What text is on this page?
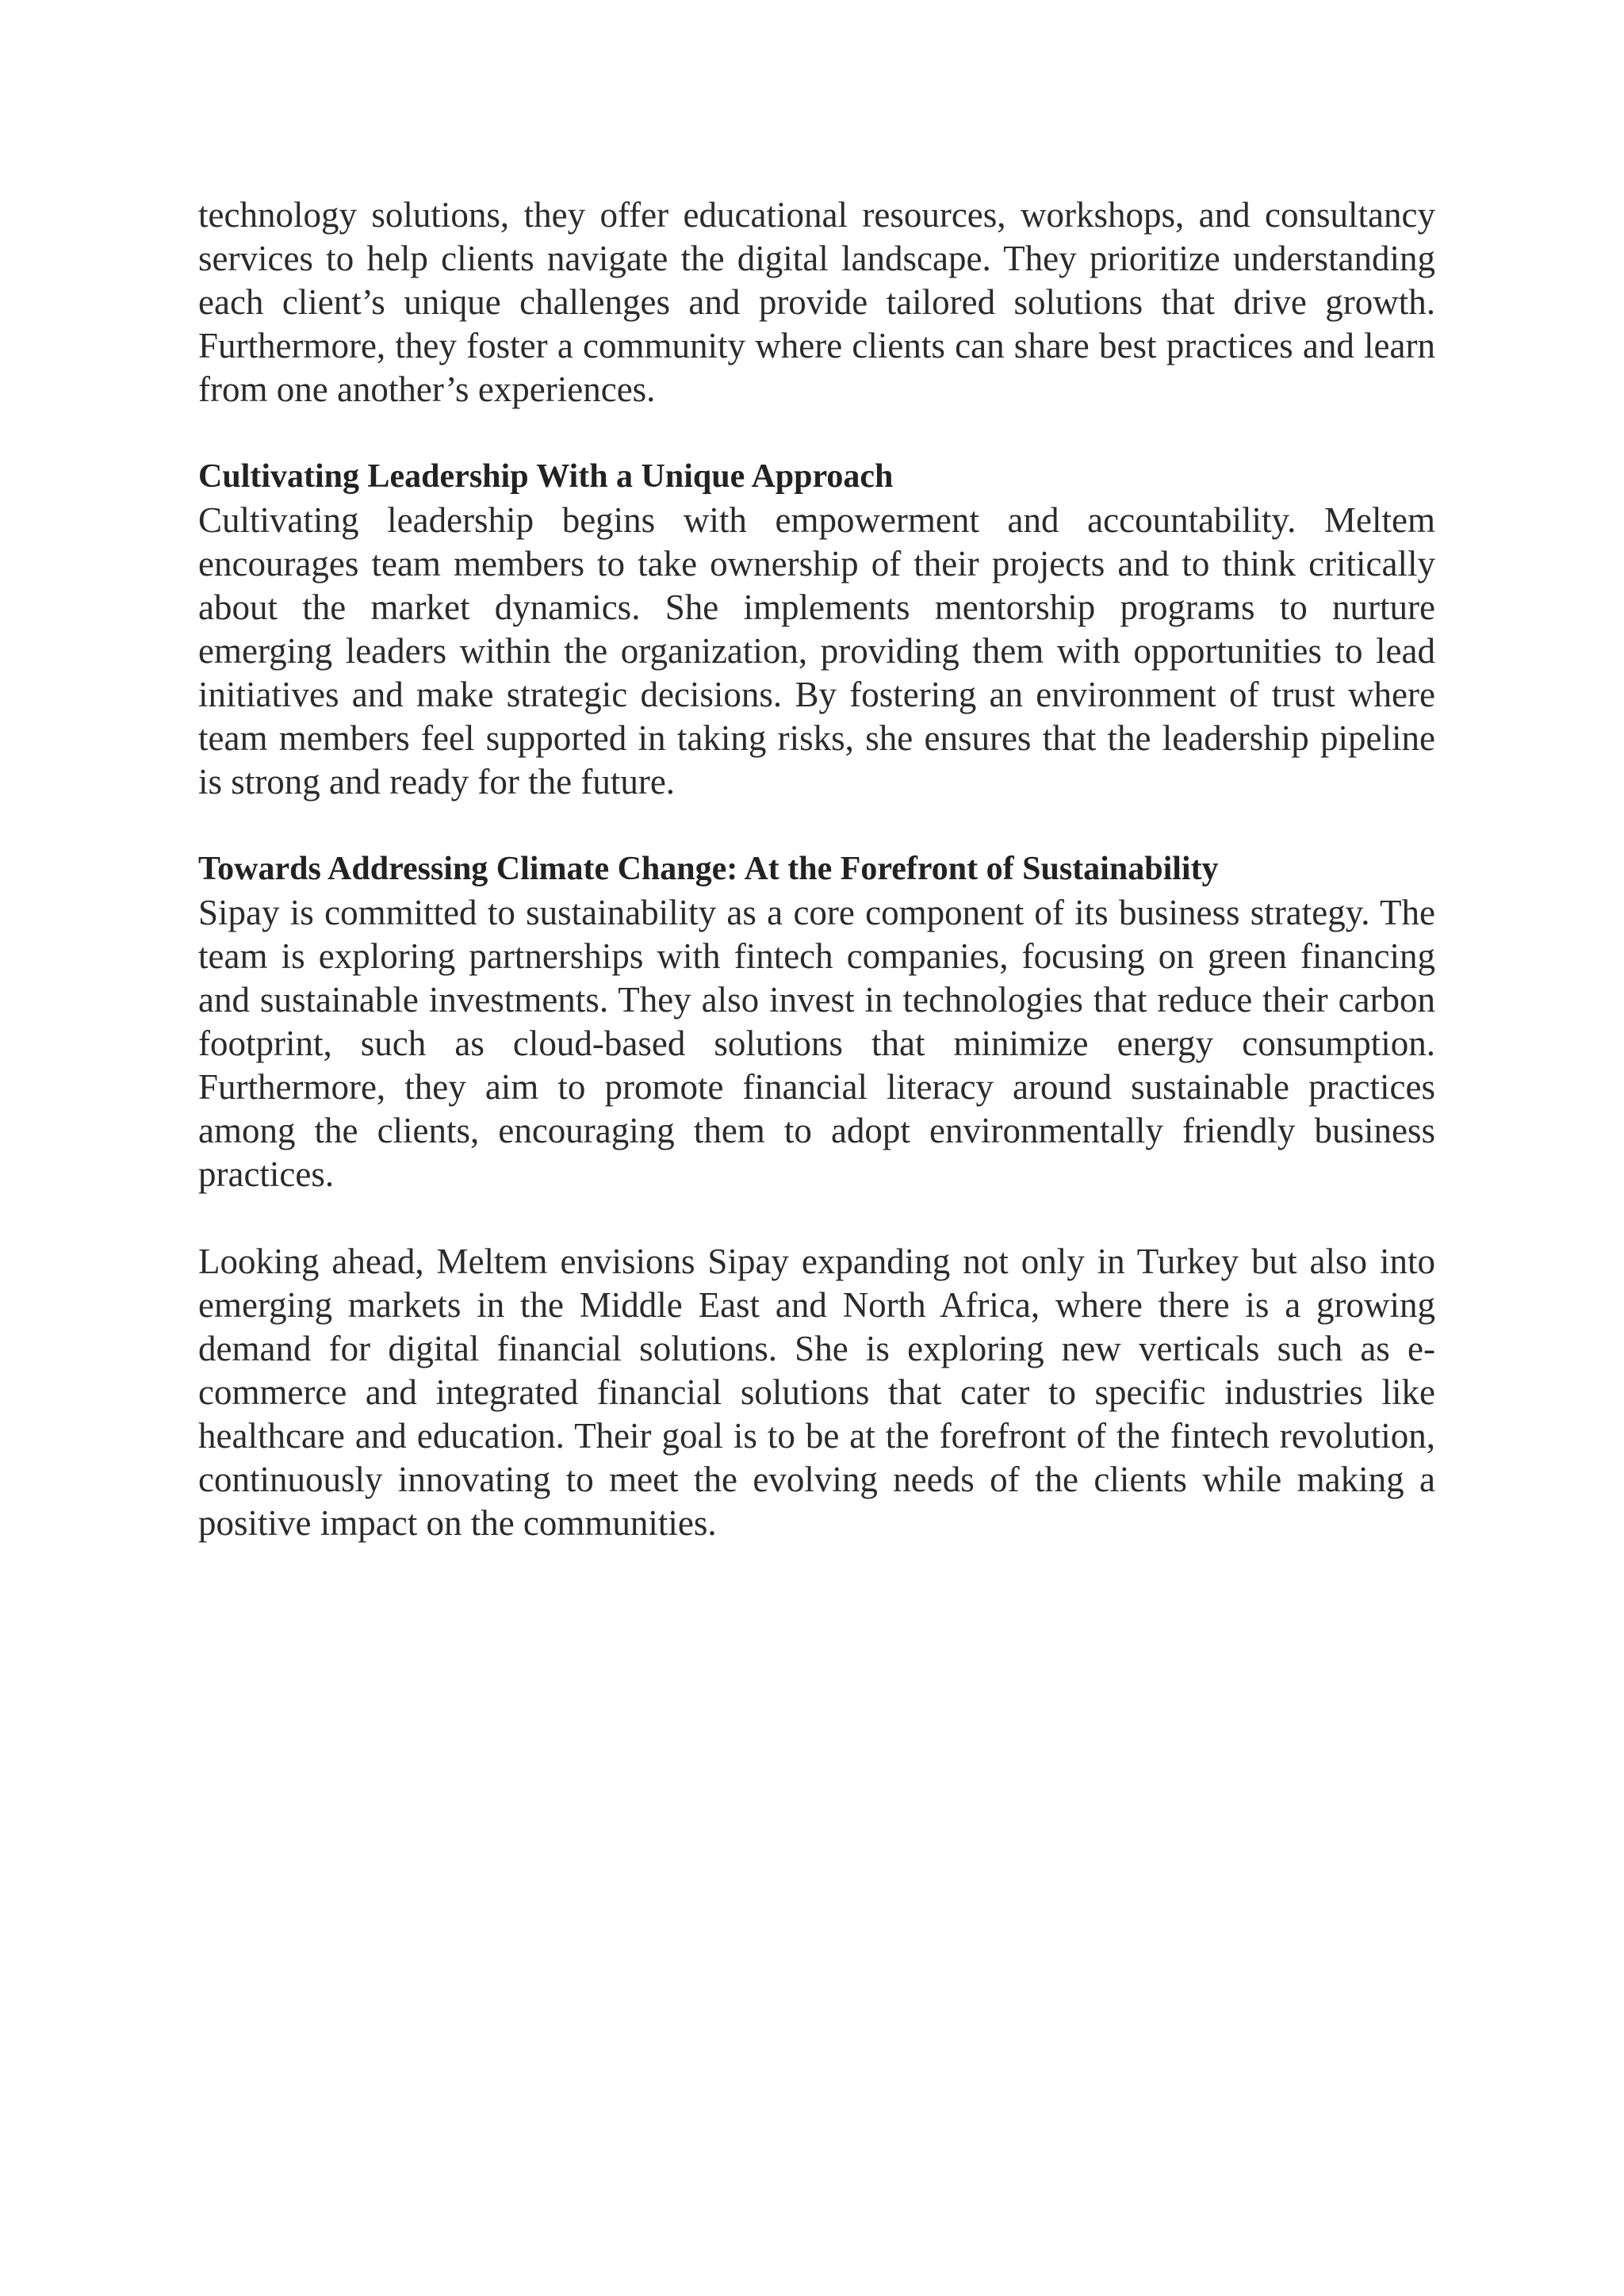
technology solutions, they offer educational resources, workshops, and consultancy services to help clients navigate the digital landscape. They prioritize understanding each client’s unique challenges and provide tailored solutions that drive growth. Furthermore, they foster a community where clients can share best practices and learn from one another’s experiences.

Cultivating Leadership With a Unique Approach

Cultivating leadership begins with empowerment and accountability. Meltem encourages team members to take ownership of their projects and to think critically about the market dynamics. She implements mentorship programs to nurture emerging leaders within the organization, providing them with opportunities to lead initiatives and make strategic decisions. By fostering an environment of trust where team members feel supported in taking risks, she ensures that the leadership pipeline is strong and ready for the future.

Towards Addressing Climate Change: At the Forefront of Sustainability

Sipay is committed to sustainability as a core component of its business strategy. The team is exploring partnerships with fintech companies, focusing on green financing and sustainable investments. They also invest in technologies that reduce their carbon footprint, such as cloud-based solutions that minimize energy consumption. Furthermore, they aim to promote financial literacy around sustainable practices among the clients, encouraging them to adopt environmentally friendly business practices.

Looking ahead, Meltem envisions Sipay expanding not only in Turkey but also into emerging markets in the Middle East and North Africa, where there is a growing demand for digital financial solutions. She is exploring new verticals such as e-commerce and integrated financial solutions that cater to specific industries like healthcare and education. Their goal is to be at the forefront of the fintech revolution, continuously innovating to meet the evolving needs of the clients while making a positive impact on the communities.
